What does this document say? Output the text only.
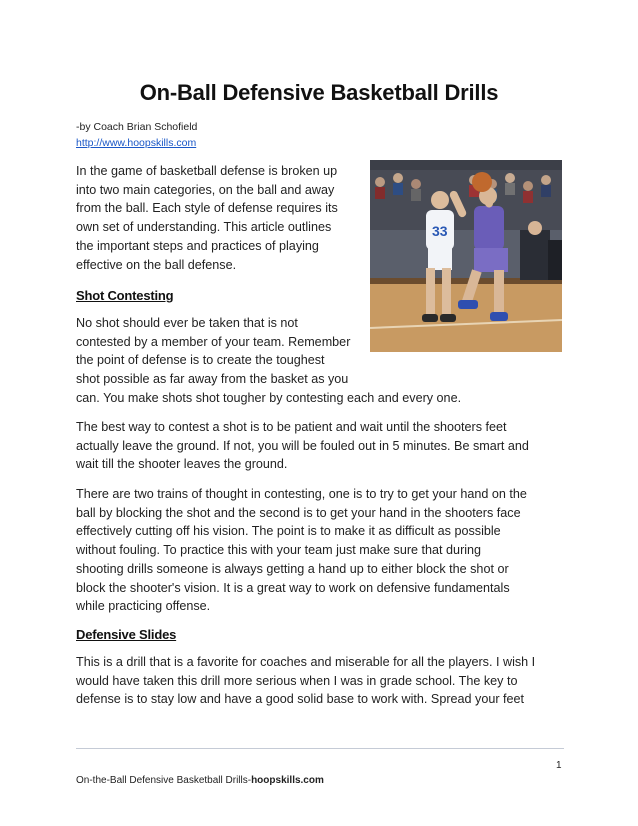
On-Ball Defensive Basketball Drills
-by Coach Brian Schofield
http://www.hoopskills.com
33
In the game of basketball defense is broken up
into two main categories, on the ball and away
from the ball. Each style of defense requires its
own set of understanding. This article outlines
the important steps and practices of playing
effective on the ball defense.
Shot Contesting
No shot should ever be taken that is not
contested by a member of your team. Remember
the point of defense is to create the toughest
shot possible as far away from the basket as you
can. You make shots shot tougher by contesting each and every one.
The best way to contest a shot is to be patient and wait until the shooters feet
actually leave the ground. If not, you will be fouled out in 5 minutes. Be smart and
wait till the shooter leaves the ground.
There are two trains of thought in contesting, one is to try to get your hand on the
ball by blocking the shot and the second is to get your hand in the shooters face
effectively cutting off his vision. The point is to make it as difficult as possible
without fouling. To practice this with your team just make sure that during
shooting drills someone is always getting a hand up to either block the shot or
block the shooter's vision. It is a great way to work on defensive fundamentals
while practicing offense.
Defensive Slides
This is a drill that is a favorite for coaches and miserable for all the players. I wish I
would have taken this drill more serious when I was in grade school. The key to
defense is to stay low and have a good solid base to work with. Spread your feet
1
On-the-Ball Defensive Basketball Drills-hoopskills.com
